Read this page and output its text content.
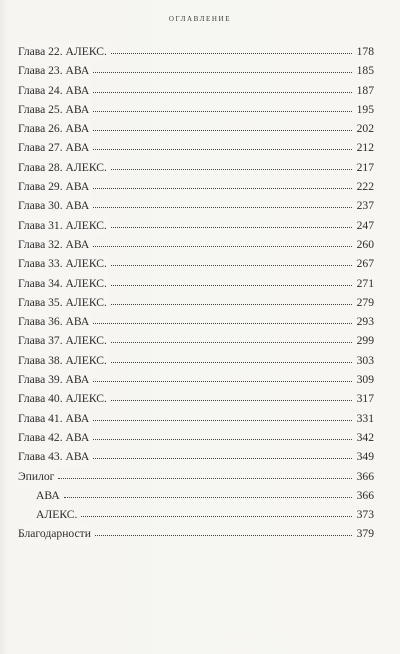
оглавление
Глава 22. АЛЕКС.	178
Глава 23. АВА	185
Глава 24. АВА	187
Глава 25. АВА	195
Глава 26. АВА	202
Глава 27. АВА	212
Глава 28. АЛЕКС.	217
Глава 29. АВА	222
Глава 30. АВА	237
Глава 31. АЛЕКС.	247
Глава 32. АВА	260
Глава 33. АЛЕКС.	267
Глава 34. АЛЕКС.	271
Глава 35. АЛЕКС.	279
Глава 36. АВА	293
Глава 37. АЛЕКС.	299
Глава 38. АЛЕКС.	303
Глава 39. АВА	309
Глава 40. АЛЕКС.	317
Глава 41. АВА	331
Глава 42. АВА	342
Глава 43. АВА	349
Эпилог	366
АВА	366
АЛЕКС.	373
Благодарности	379
